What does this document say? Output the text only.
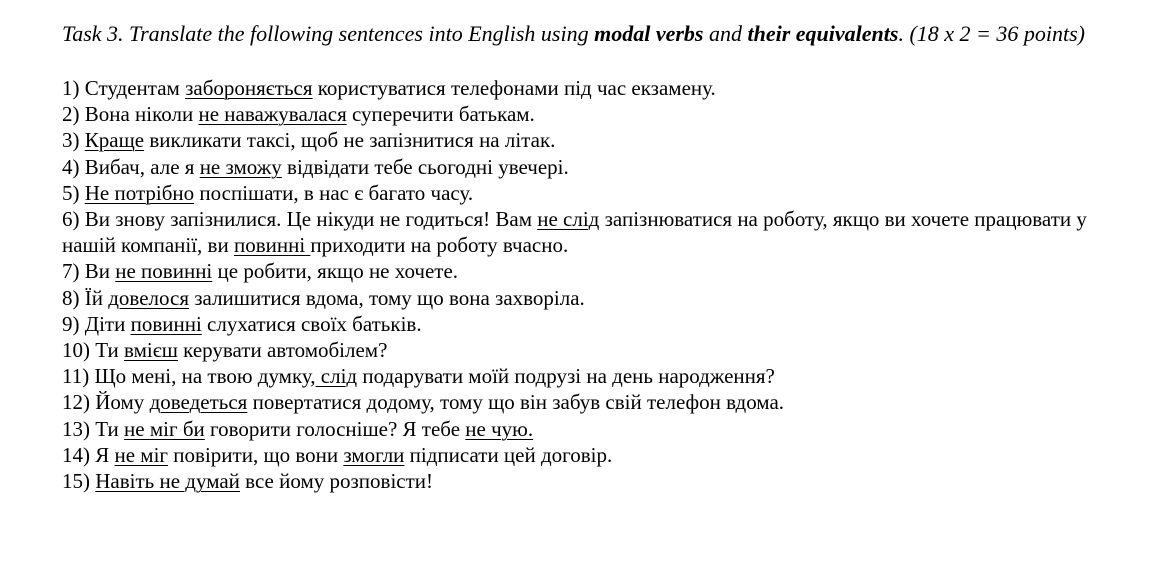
Task 3. Translate the following sentences into English using modal verbs and their equivalents. (18 x 2 = 36 points)

1) Студентам забороняється користуватися телефонами під час екзамену.

2) Вона ніколи не наважувалася суперечити батькам.

3) Краще викликати таксі, щоб не запізнитися на літак.

4) Вибач, але я не зможу відвідати тебе сьогодні увечері.

5) Не потрібно поспішати, в нас є багато часу.

6) Ви знову запізнилися. Це нікуди не годиться! Вам не слід запізнюватися на роботу, якщо ви хочете працювати у нашій компанії, ви повинні приходити на роботу вчасно.

7) Ви не повинні це робити, якщо не хочете.

8) Їй довелося залишитися вдома, тому що вона захворіла.

9) Діти повинні слухатися своїх батьків.

10) Ти вмієш керувати автомобілем?

11) Що мені, на твою думку, слід подарувати моїй подрузі на день народження?

12) Йому доведеться повертатися додому, тому що він забув свій телефон вдома.

13) Ти не міг би говорити голосніше? Я тебе не чую.

14) Я не міг повірити, що вони змогли підписати цей договір.

15) Навіть не думай все йому розповісти!
